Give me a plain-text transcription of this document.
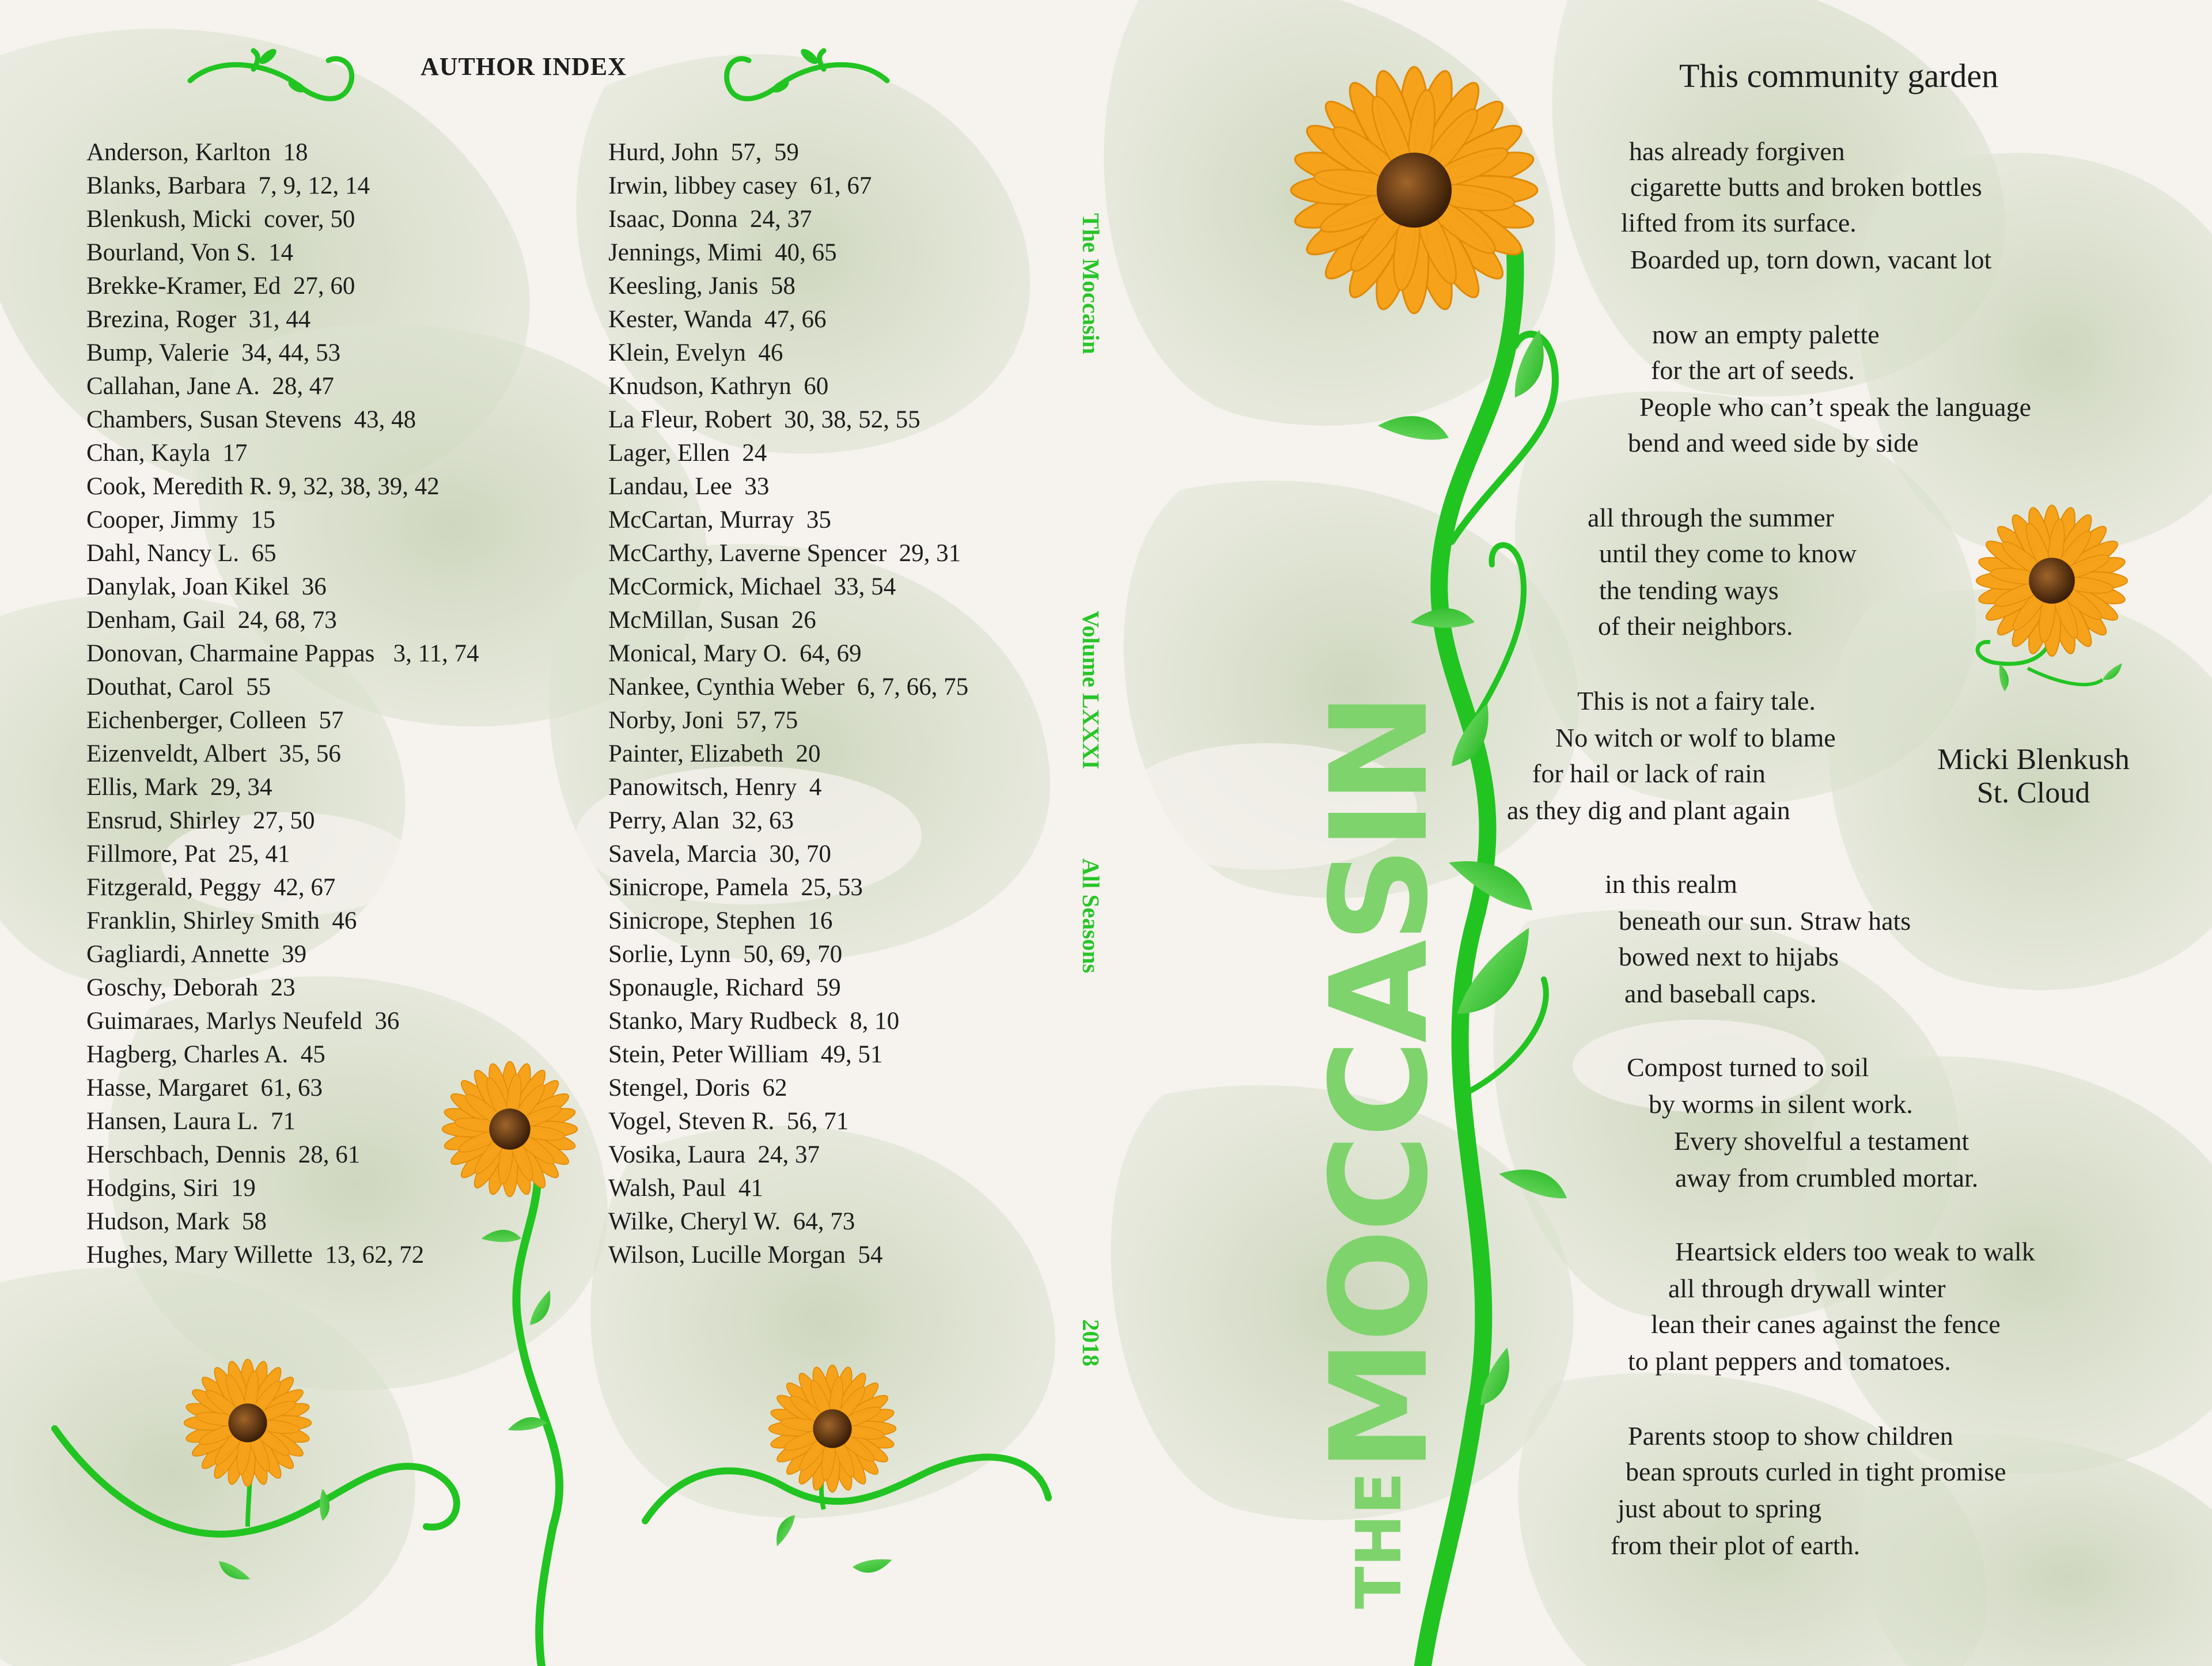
AUTHOR INDEX
Anderson, Karlton  18
Blanks, Barbara  7, 9, 12, 14
Blenkush, Micki  cover, 50
Bourland, Von S.  14
Brekke-Kramer, Ed  27, 60
Brezina, Roger  31, 44
Bump, Valerie  34, 44, 53
Callahan, Jane A.  28, 47
Chambers, Susan Stevens  43, 48
Chan, Kayla  17
Cook, Meredith R. 9, 32, 38, 39, 42
Cooper, Jimmy  15
Dahl, Nancy L.  65
Danylak, Joan Kikel  36
Denham, Gail  24, 68, 73
Donovan, Charmaine Pappas   3, 11, 74
Douthat, Carol  55
Eichenberger, Colleen  57
Eizenveldt, Albert  35, 56
Ellis, Mark  29, 34
Ensrud, Shirley  27, 50
Fillmore, Pat  25, 41
Fitzgerald, Peggy  42, 67
Franklin, Shirley Smith  46
Gagliardi, Annette  39
Goschy, Deborah  23
Guimaraes, Marlys Neufeld  36
Hagberg, Charles A.  45
Hasse, Margaret  61, 63
Hansen, Laura L.  71
Herschbach, Dennis  28, 61
Hodgins, Siri  19
Hudson, Mark  58
Hughes, Mary Willette  13, 62, 72
Hurd, John  57,  59
Irwin, libbey casey  61, 67
Isaac, Donna  24, 37
Jennings, Mimi  40, 65
Keesling, Janis  58
Kester, Wanda  47, 66
Klein, Evelyn  46
Knudson, Kathryn  60
La Fleur, Robert  30, 38, 52, 55
Lager, Ellen  24
Landau, Lee  33
McCartan, Murray  35
McCarthy, Laverne Spencer  29, 31
McCormick, Michael  33, 54
McMillan, Susan  26
Monical, Mary O.  64, 69
Nankee, Cynthia Weber  6, 7, 66, 75
Norby, Joni  57, 75
Painter, Elizabeth  20
Panowitsch, Henry  4
Perry, Alan  32, 63
Savela, Marcia  30, 70
Sinicrope, Pamela  25, 53
Sinicrope, Stephen  16
Sorlie, Lynn  50, 69, 70
Sponaugle, Richard  59
Stanko, Mary Rudbeck  8, 10
Stein, Peter William  49, 51
Stengel, Doris  62
Vogel, Steven R.  56, 71
Vosika, Laura  24, 37
Walsh, Paul  41
Wilke, Cheryl W.  64, 73
Wilson, Lucille Morgan  54
The Moccasin
Volume LXXXI
All Seasons
2018
THEMOCCASIN
This community garden
has already forgiven
cigarette butts and broken bottles
lifted from its surface.
Boarded up, torn down, vacant lot
now an empty palette
for the art of seeds.
People who can’t speak the language
bend and weed side by side
all through the summer
until they come to know
the tending ways
of their neighbors.
This is not a fairy tale.
No witch or wolf to blame
for hail or lack of rain
as they dig and plant again
in this realm
beneath our sun. Straw hats
bowed next to hijabs
and baseball caps.
Compost turned to soil
by worms in silent work.
Every shovelful a testament
away from crumbled mortar.
Heartsick elders too weak to walk
all through drywall winter
lean their canes against the fence
to plant peppers and tomatoes.
Parents stoop to show children
bean sprouts curled in tight promise
just about to spring
from their plot of earth.
Micki Blenkush
St. Cloud
